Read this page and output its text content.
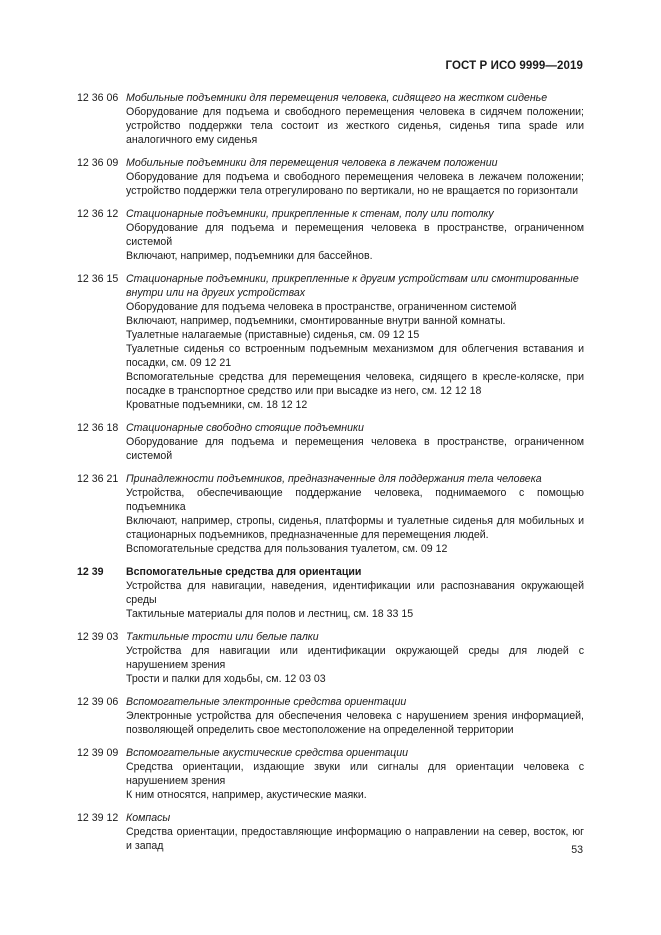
ГОСТ Р ИСО 9999—2019
12 36 06 Мобильные подъемники для перемещения человека, сидящего на жестком сиденье
Оборудование для подъема и свободного перемещения человека в сидячем положении; устройство поддержки тела состоит из жесткого сиденья, сиденья типа spade или аналогичного ему сиденья
12 36 09 Мобильные подъемники для перемещения человека в лежачем положении
Оборудование для подъема и свободного перемещения человека в лежачем положении; устройство поддержки тела отрегулировано по вертикали, но не вращается по горизонтали
12 36 12 Стационарные подъемники, прикрепленные к стенам, полу или потолку
Оборудование для подъема и перемещения человека в пространстве, ограниченном системой
Включают, например, подъемники для бассейнов.
12 36 15 Стационарные подъемники, прикрепленные к другим устройствам или смонтированные внутри или на других устройствах
Оборудование для подъема человека в пространстве, ограниченном системой
Включают, например, подъемники, смонтированные внутри ванной комнаты.
Туалетные налагаемые (приставные) сиденья, см. 09 12 15
Туалетные сиденья со встроенным подъемным механизмом для облегчения вставания и посадки, см. 09 12 21
Вспомогательные средства для перемещения человека, сидящего в кресле-коляске, при посадке в транспортное средство или при высадке из него, см. 12 12 18
Кроватные подъемники, см. 18 12 12
12 36 18 Стационарные свободно стоящие подъемники
Оборудование для подъема и перемещения человека в пространстве, ограниченном системой
12 36 21 Принадлежности подъемников, предназначенные для поддержания тела человека
Устройства, обеспечивающие поддержание человека, поднимаемого с помощью подъемника
Включают, например, стропы, сиденья, платформы и туалетные сиденья для мобильных и стационарных подъемников, предназначенные для перемещения людей.
Вспомогательные средства для пользования туалетом, см. 09 12
12 39 Вспомогательные средства для ориентации
Устройства для навигации, наведения, идентификации или распознавания окружающей среды
Тактильные материалы для полов и лестниц, см. 18 33 15
12 39 03 Тактильные трости или белые палки
Устройства для навигации или идентификации окружающей среды для людей с нарушением зрения
Трости и палки для ходьбы, см. 12 03 03
12 39 06 Вспомогательные электронные средства ориентации
Электронные устройства для обеспечения человека с нарушением зрения информацией, позволяющей определить свое местоположение на определенной территории
12 39 09 Вспомогательные акустические средства ориентации
Средства ориентации, издающие звуки или сигналы для ориентации человека с нарушением зрения
К ним относятся, например, акустические маяки.
12 39 12 Компасы
Средства ориентации, предоставляющие информацию о направлении на север, восток, юг и запад	53
